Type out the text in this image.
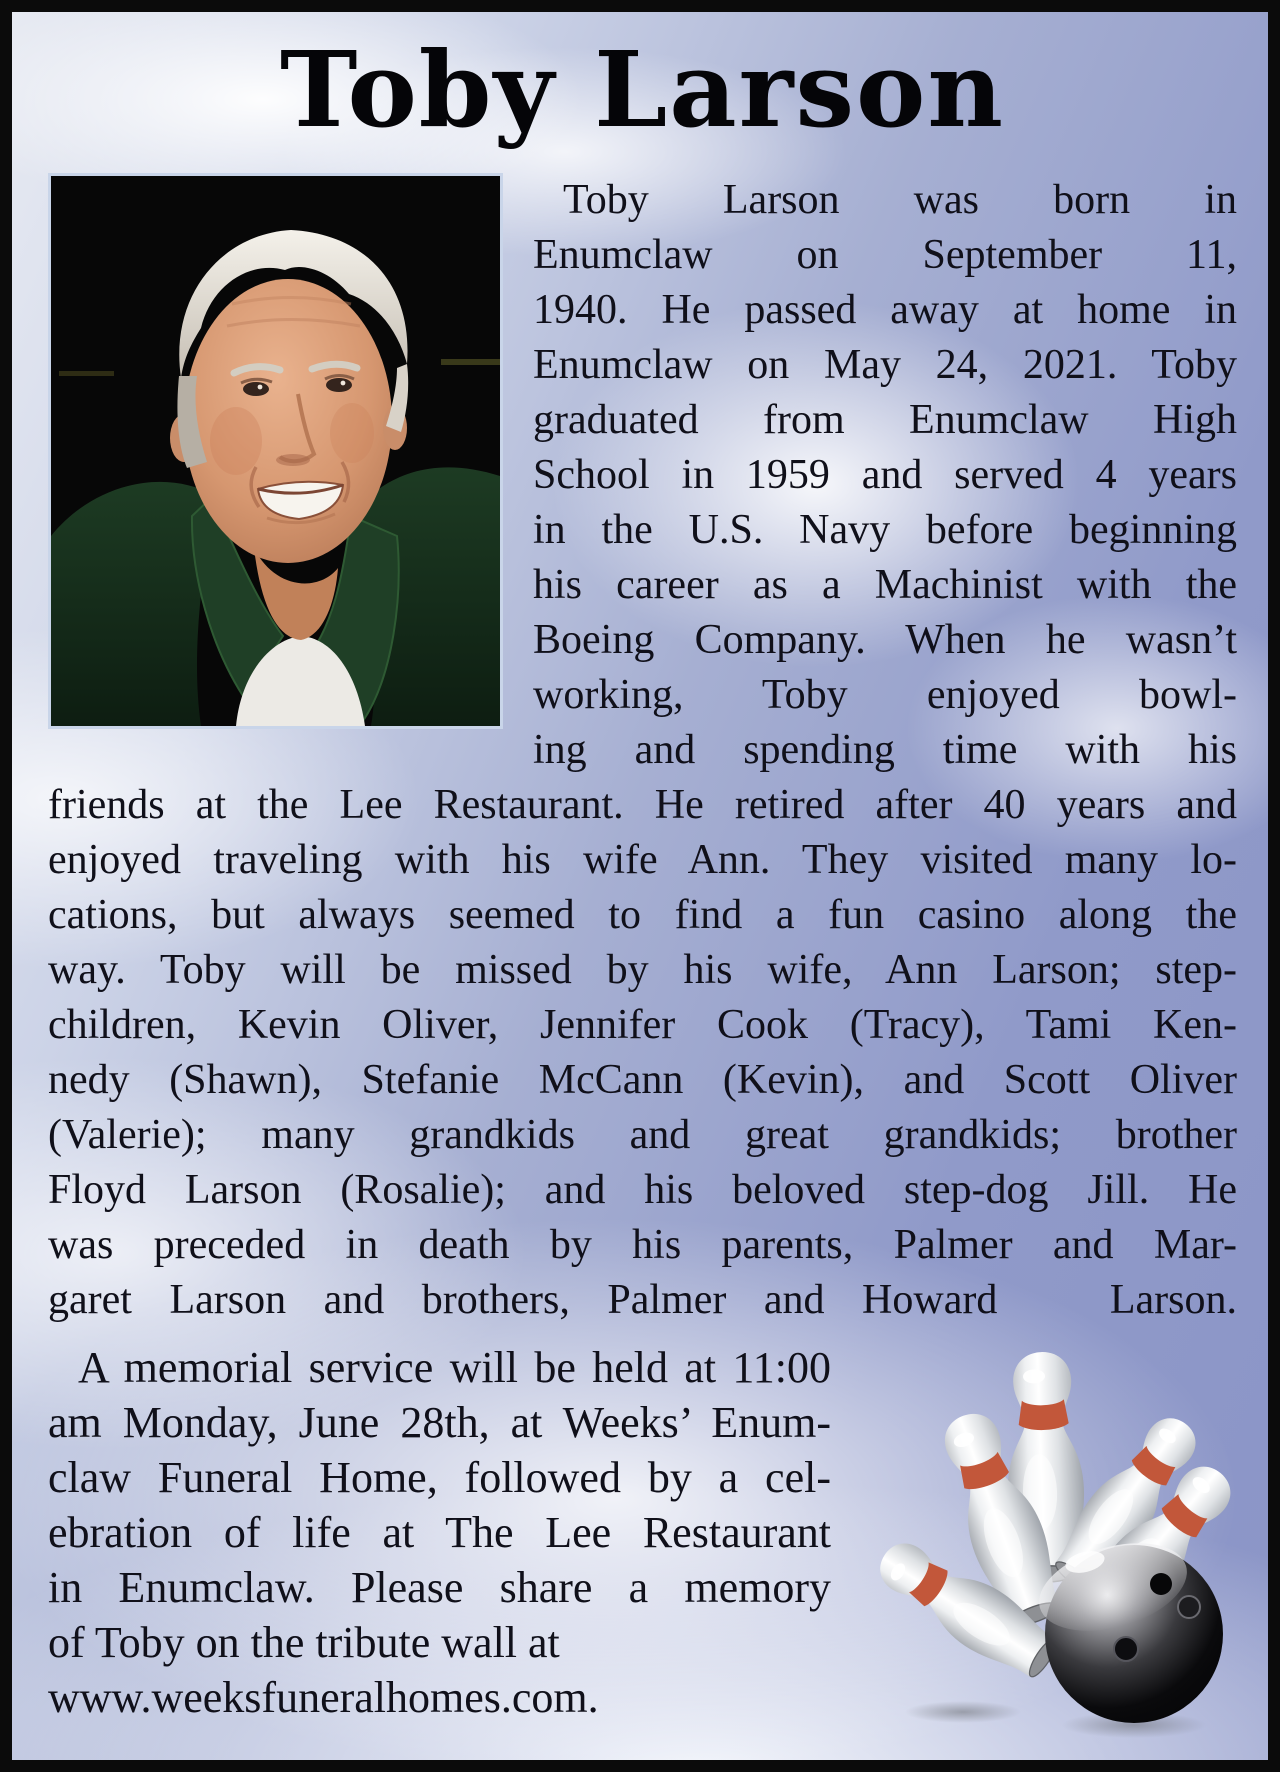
Toby Larson
Toby Larson was born in
Enumclaw on September 11,
1940. He passed away at home in
Enumclaw on May 24, 2021. Toby
graduated from Enumclaw High
School in 1959 and served 4 years
in the U.S. Navy before beginning
his career as a Machinist with the
Boeing Company. When he wasn’t
working, Toby enjoyed bowl-
ing and spending time with his
friends at the Lee Restaurant. He retired after 40 years and
enjoyed traveling with his wife Ann. They visited many lo-
cations, but always seemed to find a fun casino along the
way. Toby will be missed by his wife, Ann Larson; step-
children, Kevin Oliver, Jennifer Cook (Tracy), Tami Ken-
nedy (Shawn), Stefanie McCann (Kevin), and Scott Oliver
(Valerie); many grandkids and great grandkids; brother
Floyd Larson (Rosalie); and his beloved step-dog Jill. He
was preceded in death by his parents, Palmer and Mar-
garet Larson and brothers, Palmer and Howard   Larson.
A memorial service will be held at 11:00
am Monday, June 28th, at Weeks’ Enum-
claw Funeral Home, followed by a cel-
ebration of life at The Lee Restaurant
in Enumclaw. Please share a memory
of Toby on the tribute wall at
www.weeksfuneralhomes.com.
